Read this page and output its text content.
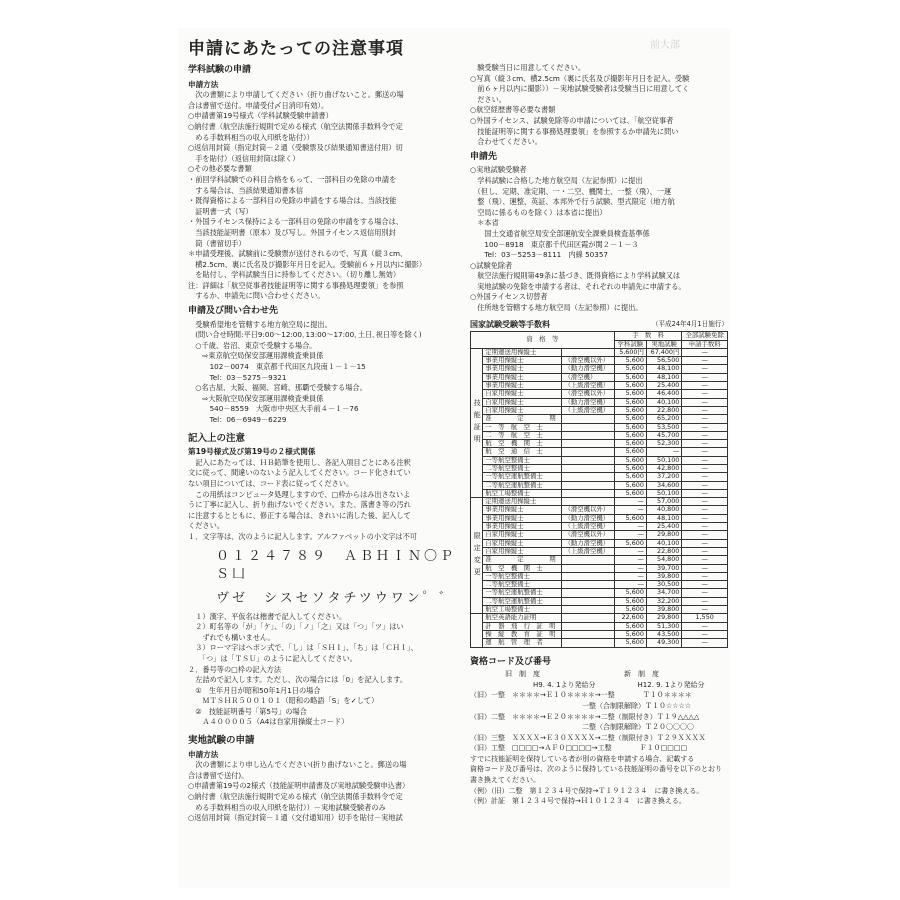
申請にあたっての注意事項	前大部
学科試験の申請
申請方法
　次の書類により申請してください（折り曲げないこと。郵送の場
合は書留で送付。申請受付〆日消印有効）。
○申請書第19号様式（学科試験受験申請書）
○納付書（航空法施行規則で定める様式（航空法関係手数料令で定
　める手数料相当の収入印紙を貼付））
○返信用封筒（指定封筒－２通（受験票及び結果通知書送付用）切
　手を貼付）（返信用封筒は除く）
○その他必要な書類
・前回学科試験での科目合格をもって、一部科目の免除の申請を
　する場合は、当該結果通知書本信
・既得資格による一部科目の免除の申請をする場合は、当該技能
　証明書一式（写）
・外国ライセンス保持による一部科目の免除の申請をする場合は、
　当該技能証明書（原本）及び写し。外国ライセンス返信用別封
　筒（書留切手）
＊申請受理後、試験前に受験票が送付されるので、写真（縦３cm、
　横2.5cm、裏に氏名及び撮影年月日を記入。受験前６ヶ月以内に撮影）
　を貼付し、学科試験当日に持参してください。（切り離し無効）
注：詳細は「航空従事者技能証明等に関する事務処理要領」を参照
　するか、申請先に問い合わせください。
申請及び問い合わせ先
　受験希望地を管轄する地方航空局に提出。
　(問い合せ時間:平日9:00～12:00､13:00～17:00､土日､祝日等を除く)
　○千歳、岩沼、東京で受験する場合。
　　⇨東京航空局保安部運用課検査乗員係
　　　102－0074　東京都千代田区九段南１－１－15
　　　Tel：03－5275－9321
　○名古屋、大阪、福岡、宮崎、那覇で受験する場合。
　　⇨大阪航空局保安部運用課検査乗員係
　　　540－8559　大阪市中央区大手前４－１－76
　　　Tel：06－6949－6229
記入上の注意
第19号様式及び第19号の２様式関係
　記入にあたっては、ＨＢ鉛筆を使用し、各記入項目ごとにある注釈
文に従って、間違いのないよう記入してください。コード化されてい
ない項目については、コード表に従ってください。
　この用紙はコンピュータ処理しますので、□枠からはみ出さないよ
うに丁寧に記入し、折り曲げないでください。また、落書き等の汚れ
に注意するとともに、修正する場合は、きれいに消した後、記入して
ください。
１．文字等は、次のように記入します。アルファベットの小文字は不可
０１２４７８９　ＡＢＨＩＮ〇ＰＳ凵
ヴゼ　シスセソタチツウワン゜゛
　１）漢字、平仮名は楷書で記入してください。
　２）町名等の「が」「ケ」、「の」「ノ」「之」又は「つ」「ツ」はい
　　ずれでも構いません。
　３）ローマ字はヘボン式で、「し」は「ＳＨＩ」、「ち」は「ＣＨＩ」、
　　「つ」は「ＴＳＵ」のように記入してください。
２．番号等の□枠の記入方法
　左詰めで記入します。ただし、次の場合には「0」を記入します。
　①　生年月日が昭和50年1月1日の場合
　　ＭＴＳＨＲ５００１０１（昭和の略語「S」を✓して）
　②　技能証明番号「第5号」の場合
　　Ａ４００００５（A4は自家用操縦士コード）
実地試験の申請
申請方法
　次の書類により申し込んでください(折り曲げないこと。郵送の場
合は書留で送付)。
○申請書第19号の2様式（技能証明申請書及び実地試験受験申込書）
○納付書（航空法施行規則で定める様式（航空法関係手数料令で定
　める手数料相当の収入印紙を貼付））－実地試験受験者のみ
○返信用封筒（指定封筒－１通（交付通知用）切手を貼付－実地試
　験受験当日に用意してください。
○写真（縦３cm、横2.5cm（裏に氏名及び撮影年月日を記入。受験
　前６ヶ月以内に撮影））－実地試験受験者は受験当日に用意してく
　ださい。
○航空経歴書等必要な書類
○外国ライセンス、試験免除等の申請については、「航空従事者
　技能証明等に関する事務処理要領」を参照するか申請先に問い
　合わせてください。
申請先
○実地試験受験者
　学科試験に合格した地方航空局（左記参照）に提出
　（但し、定期、准定期、一・二空、機関士、一整（飛）、一運
　整（飛）、運整、英証、本邦外で行う試験、型式限定（地方航
　空局に係るものを除く）は本省に提出）
　＊本省
　　国土交通省航空局安全部運航安全課乗員検査基準係
　　100－8918　東京都千代田区霞が関２－１－３
　　Tel：03－5253－8111　内線 50357
○試験免除者
　航空法施行規則第49条に基づき、既得資格により学科試験又は
　実地試験の免除を申請する者は、それぞれの申請先に申請する。
○外国ライセンス切替者
　住所地を管轄する地方航空局（左記参照）に提出。
国家試験受験等手数料	（平成24年4月1日施行）
資　格　等			手　数　料		全部試験免除
			学科試験	実地試験	申請手数料
技能証明	定期運送用操縦士		5,600円	67,400円	—
	事業用操縦士	（滑空機以外）	5,600	56,500	—
	事業用操縦士	（動力滑空機）	5,600	48,100	—
	事業用操縦士	（滑空機）	5,600	48,100	—
	事業用操縦士	（上級滑空機）	5,600	25,400	—
	自家用操縦士	（滑空機以外）	5,600	46,400	—
	自家用操縦士	（動力滑空機）	5,600	40,100	—
	自家用操縦士	（上級滑空機）	5,600	22,800	—
	准　　　　定　　　　期		5,600	65,200	—
	一　等　航　空　士		5,600	53,500	—
	二　等　航　空　士		5,600	45,700	—
	航　空　機　関　士		5,600	52,300	—
	航　空　通　信　士		5,600	—	—
	一等航空整備士		5,600	50,100	—
	二等航空整備士		5,600	42,800	—
	一等航空運航整備士		5,600	37,200	—
	二等航空運航整備士		5,600	34,600	—
	航空工場整備士		5,600	50,100	—
限定変更	定期運送用操縦士		—	57,000	—
	事業用操縦士	（滑空機以外）	—	40,800	—
	事業用操縦士	（動力滑空機）	5,600	48,100	—
	事業用操縦士	（上級滑空機）	—	25,400	—
	自家用操縦士	（滑空機以外）	—	29,800	—
	自家用操縦士	（動力滑空機）	5,600	40,100	—
	自家用操縦士	（上級滑空機）	—	22,800	—
	准　　　　定　　　　期		—	54,800	—
	航　空　機　関　士		—	39,700	—
	一等航空整備士		—	39,800	—
	二等航空整備士		—	30,500	—
	一等航空運航整備士		5,600	34,700	—
	二等航空運航整備士		5,600	32,200	—
	航空工場整備士		5,600	39,800	—
	航空英語能力証明		22,600	29,800	1,550
	計　器　飛　行　証　明		5,600	51,300	—
	操　縦　教　育　証　明		5,600	43,500	—
	運　航　管　理　者		5,600	49,300	—
資格コード及び番号
　　　　　旧　制　度　　　　　　　　　　　　新　制　度
　　　　　　　　　H9. 4. 1より発給分　　　　　　H12. 9. 1より発給分
（旧）一整　＊＊＊＊→Ｅ１０＊＊＊＊→一整　　　　Ｔ１０＊＊＊＊
　　　　　　　　　　　　　　　　一整（合制限解除）Ｔ１０☆☆☆☆
（旧）二整　＊＊＊＊→Ｅ２０＊＊＊＊→二整（制限付き）Ｔ１９△△△△
　　　　　　　　　　　　　　　　二整（合制限解除）Ｔ２０〇〇〇〇
（旧）三整　ＸＸＸＸ→Ｅ３０ＸＸＸＸ→二整（制限付き）Ｔ２９ＸＸＸＸ
（旧）工整　□□□□→ＡＦ０□□□□→工整　　　　Ｆ１０□□□□
すでに技能証明を保持している者が別の資格を申請する場合、記載する
資格コード及び番号は、次のように保持している技能証明の番号を以下のとおり
書き換えてください。
（例）（旧）二整　第１２３４号で保持→Ｔ１９１２３４　に書き換える。
（例）計証　第１２３４号で保持→Ｈ１０１２３４　に書き換える。
